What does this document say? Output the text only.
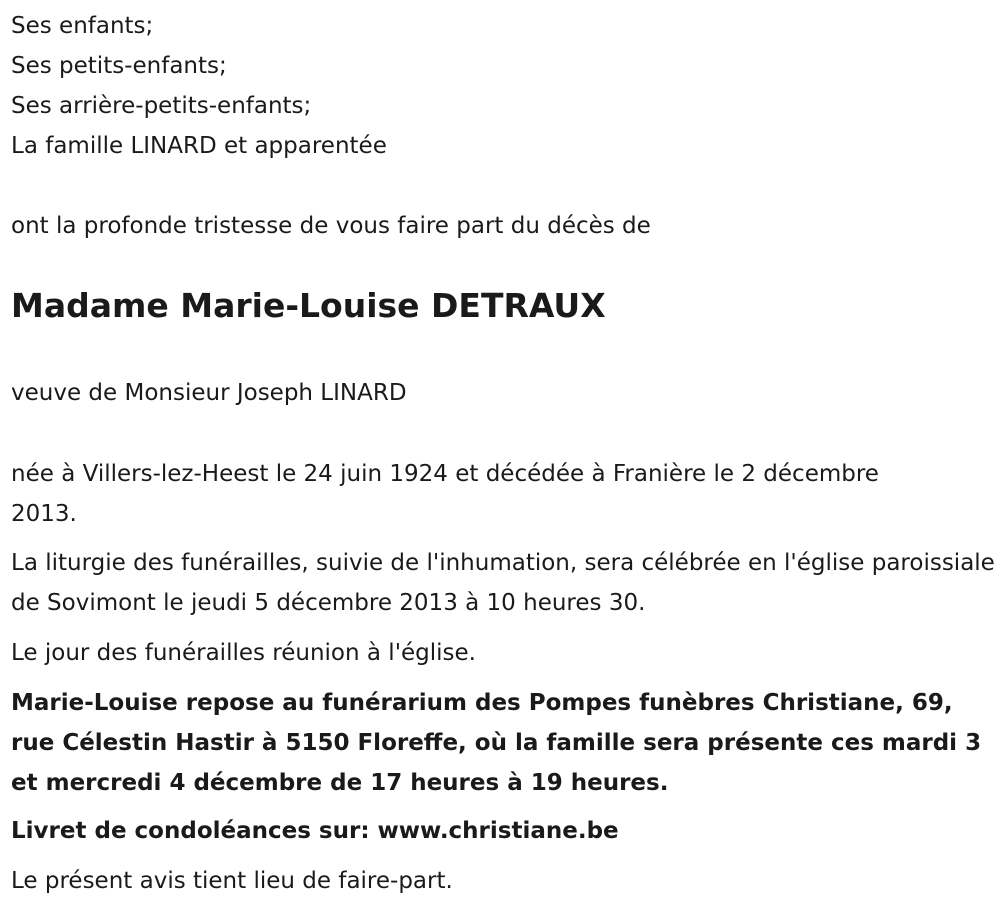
Ses enfants;

Ses petits-enfants;

Ses arrière-petits-enfants;

La famille LINARD et apparentée

ont la profonde tristesse de vous faire part du décès de

Madame Marie-Louise DETRAUX

veuve de Monsieur Joseph LINARD

née à Villers-lez-Heest le 24 juin 1924 et décédée à Franière le 2 décembre 2013.

La liturgie des funérailles, suivie de l'inhumation, sera célébrée en l'église paroissiale de Sovimont le jeudi 5 décembre 2013 à 10 heures 30.

Le jour des funérailles réunion à l'église.

Marie-Louise repose au funérarium des Pompes funèbres Christiane, 69, rue Célestin Hastir à 5150 Floreffe, où la famille sera présente ces mardi 3 et mercredi 4 décembre de 17 heures à 19 heures.

Livret de condoléances sur: www.christiane.be

Le présent avis tient lieu de faire-part.
